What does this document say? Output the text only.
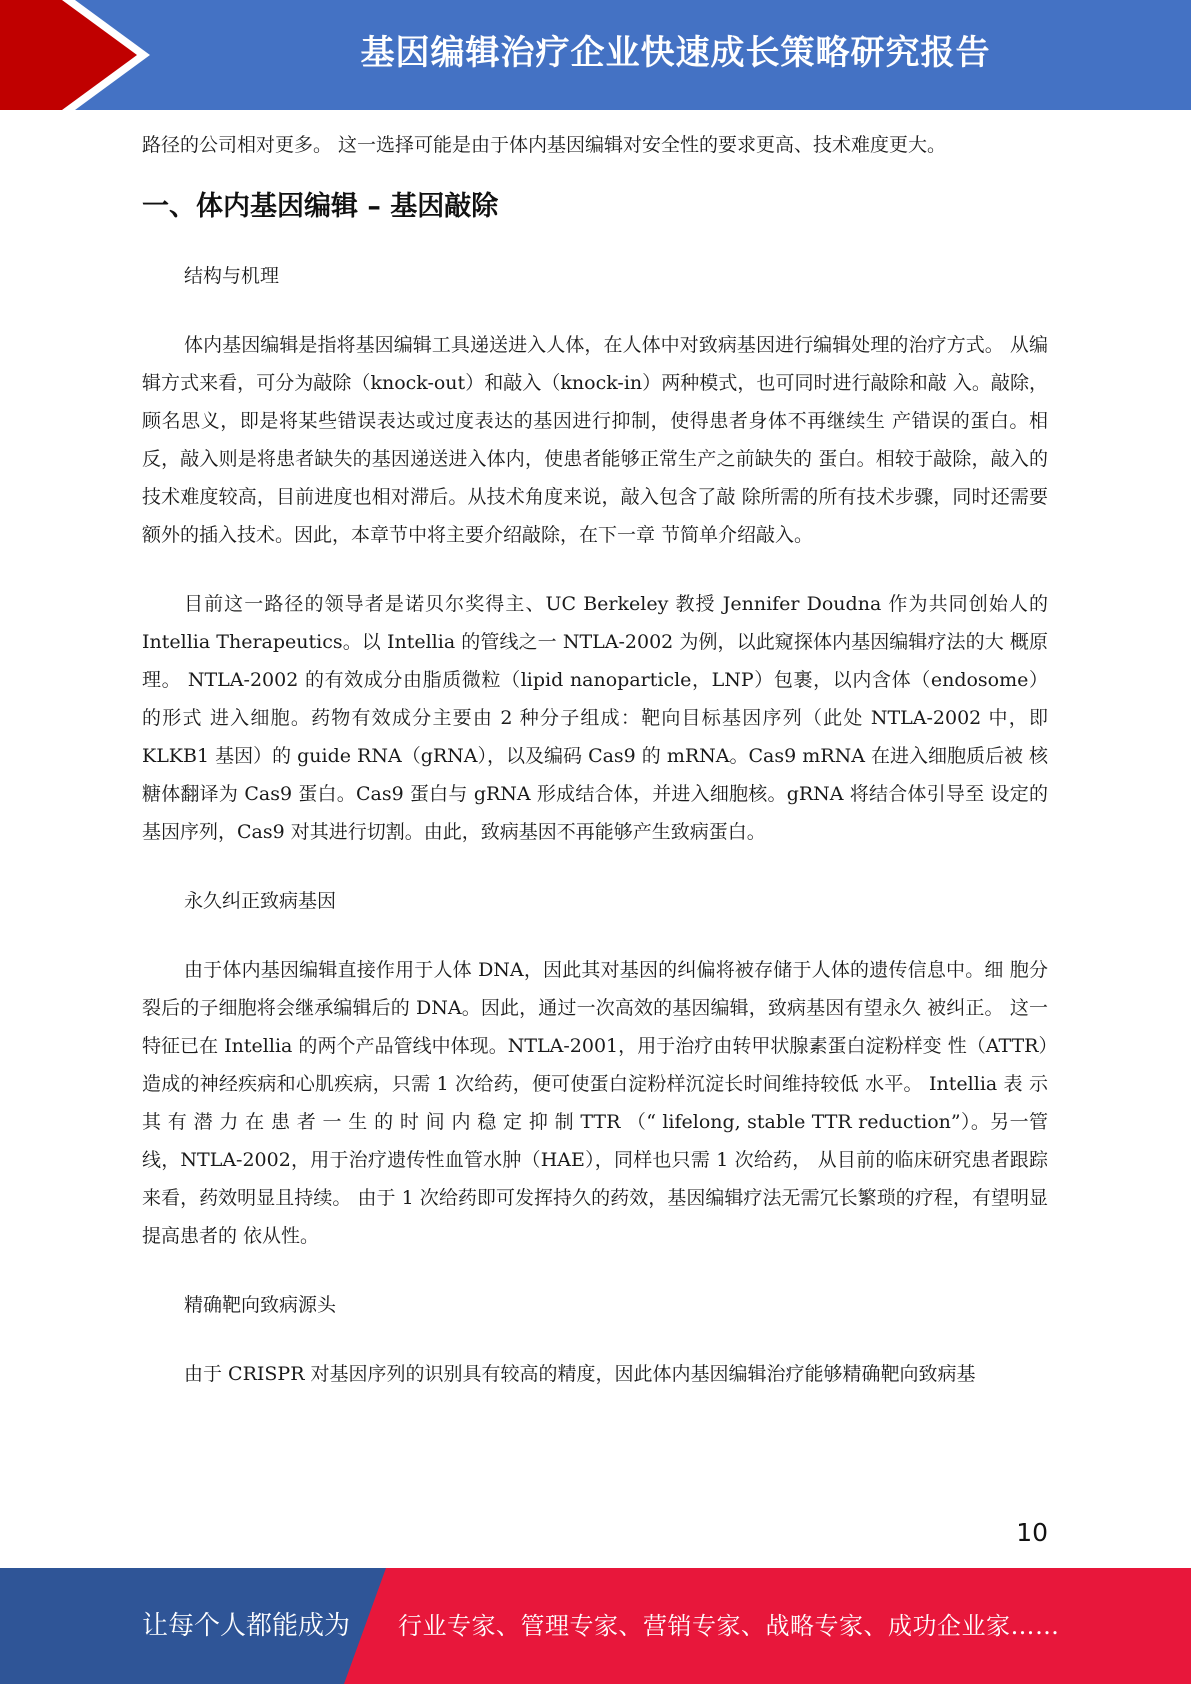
基因编辑治疗企业快速成长策略研究报告

路径的公司相对更多。 这一选择可能是由于体内基因编辑对安全性的要求更高、技术难度更大。

一、体内基因编辑 – 基因敲除

结构与机理

体内基因编辑是指将基因编辑工具递送进入人体，在人体中对致病基因进行编辑处理的治疗方式。 从编辑方式来看，可分为敲除（knock-out）和敲入（knock-in）两种模式，也可同时进行敲除和敲 入。敲除，顾名思义，即是将某些错误表达或过度表达的基因进行抑制，使得患者身体不再继续生 产错误的蛋白。相反，敲入则是将患者缺失的基因递送进入体内，使患者能够正常生产之前缺失的 蛋白。相较于敲除，敲入的技术难度较高，目前进度也相对滞后。从技术角度来说，敲入包含了敲 除所需的所有技术步骤，同时还需要额外的插入技术。因此，本章节中将主要介绍敲除，在下一章 节简单介绍敲入。

目前这一路径的领导者是诺贝尔奖得主、UC Berkeley 教授 Jennifer Doudna 作为共同创始人的 Intellia Therapeutics。以 Intellia 的管线之一 NTLA-2002 为例，以此窥探体内基因编辑疗法的大 概原理。 NTLA-2002 的有效成分由脂质微粒（lipid nanoparticle，LNP）包裹，以内含体（endosome）的形式 进入细胞。药物有效成分主要由 2 种分子组成：靶向目标基因序列（此处 NTLA-2002 中，即 KLKB1 基因）的 guide RNA（gRNA），以及编码 Cas9 的 mRNA。Cas9 mRNA 在进入细胞质后被 核糖体翻译为 Cas9 蛋白。Cas9 蛋白与 gRNA 形成结合体，并进入细胞核。gRNA 将结合体引导至 设定的基因序列，Cas9 对其进行切割。由此，致病基因不再能够产生致病蛋白。

永久纠正致病基因

由于体内基因编辑直接作用于人体 DNA，因此其对基因的纠偏将被存储于人体的遗传信息中。细 胞分裂后的子细胞将会继承编辑后的 DNA。因此，通过一次高效的基因编辑，致病基因有望永久 被纠正。 这一特征已在 Intellia 的两个产品管线中体现。NTLA-2001，用于治疗由转甲状腺素蛋白淀粉样变 性（ATTR）造成的神经疾病和心肌疾病，只需 1 次给药，便可使蛋白淀粉样沉淀长时间维持较低 水平。 Intellia 表 示 其 有 潜 力 在 患 者 一 生 的 时 间 内 稳 定 抑 制 TTR （“ lifelong, stable TTR reduction”）。另一管线，NTLA-2002，用于治疗遗传性血管水肿（HAE），同样也只需 1 次给药， 从目前的临床研究患者跟踪来看，药效明显且持续。 由于 1 次给药即可发挥持久的药效，基因编辑疗法无需冗长繁琐的疗程，有望明显提高患者的 依从性。

精确靶向致病源头

由于 CRISPR 对基因序列的识别具有较高的精度，因此体内基因编辑治疗能够精确靶向致病基

10
让每个人都能成为 行业专家、管理专家、营销专家、战略专家、成功企业家……
